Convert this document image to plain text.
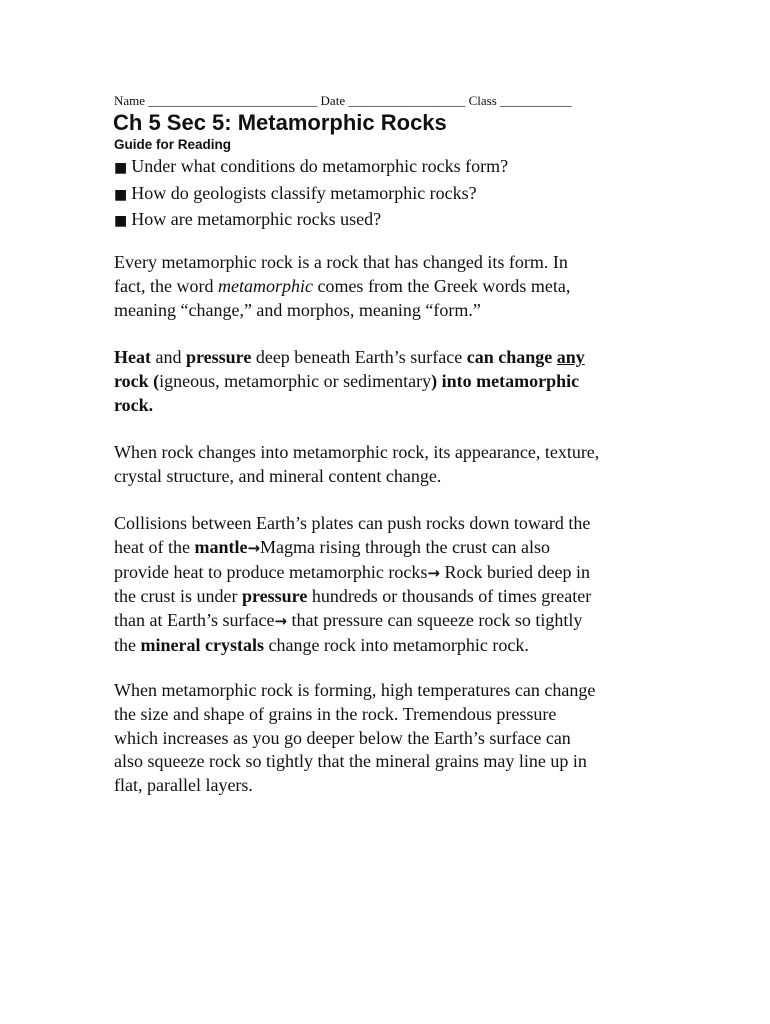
Name __________________________ Date __________________ Class ___________
Ch 5 Sec 5: Metamorphic Rocks
Guide for Reading
■ Under what conditions do metamorphic rocks form?
■ How do geologists classify metamorphic rocks?
■ How are metamorphic rocks used?
Every metamorphic rock is a rock that has changed its form. In
fact, the word metamorphic comes from the Greek words meta,
meaning “change,” and morphos, meaning “form.”
Heat and pressure deep beneath Earth’s surface can change any
rock (igneous, metamorphic or sedimentary) into metamorphic
rock.
When rock changes into metamorphic rock, its appearance, texture,
crystal structure, and mineral content change.
Collisions between Earth’s plates can push rocks down toward the
heat of the mantle→Magma rising through the crust can also
provide heat to produce metamorphic rocks→ Rock buried deep in
the crust is under pressure hundreds or thousands of times greater
than at Earth’s surface→ that pressure can squeeze rock so tightly
the mineral crystals change rock into metamorphic rock.
When metamorphic rock is forming, high temperatures can change
the size and shape of grains in the rock. Tremendous pressure
which increases as you go deeper below the Earth’s surface can
also squeeze rock so tightly that the mineral grains may line up in
flat, parallel layers.
